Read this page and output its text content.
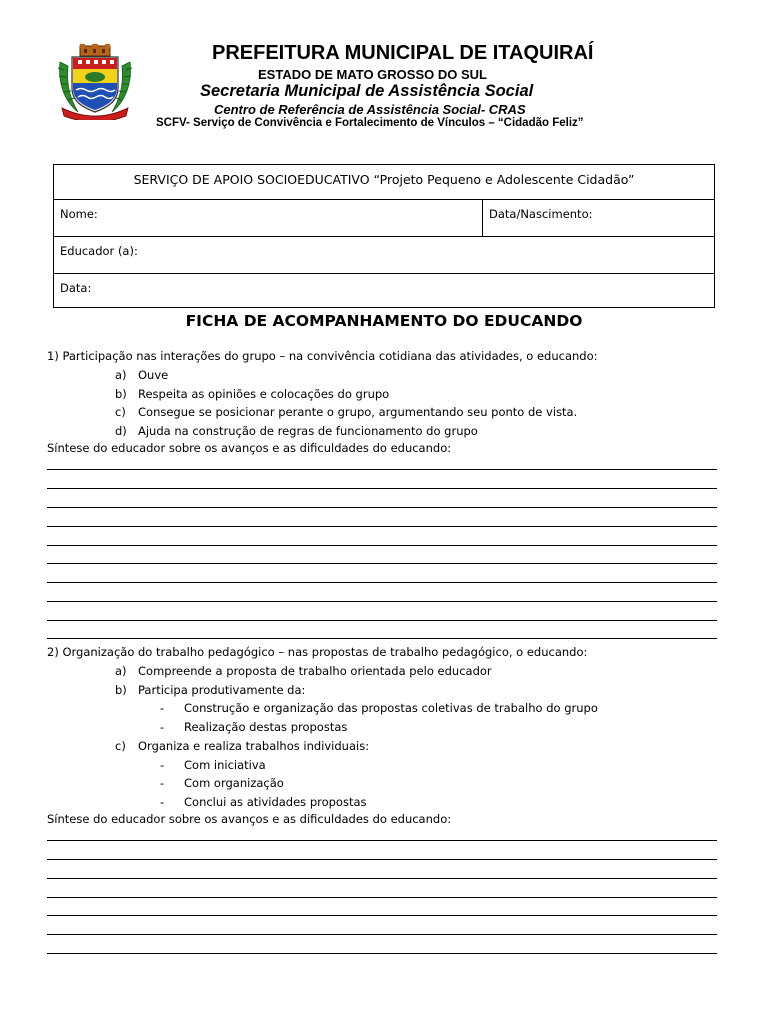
PREFEITURA MUNICIPAL DE ITAQUIRAÍ
ESTADO DE MATO GROSSO DO SUL
Secretaria Municipal de Assistência Social
Centro de Referência de Assistência Social- CRAS
SCFV- Serviço de Convivência e Fortalecimento de Vínculos – “Cidadão Feliz”
SERVIÇO DE APOIO SOCIOEDUCATIVO “Projeto Pequeno e Adolescente Cidadão”
Nome:	Data/Nascimento:
Educador (a):
Data:
FICHA DE ACOMPANHAMENTO DO EDUCANDO
1) Participação nas interações do grupo – na convivência cotidiana das atividades, o educando:
a) Ouve
b) Respeita as opiniões e colocações do grupo
c) Consegue se posicionar perante o grupo, argumentando seu ponto de vista.
d) Ajuda na construção de regras de funcionamento do grupo
Síntese do educador sobre os avanços e as dificuldades do educando:
2) Organização do trabalho pedagógico – nas propostas de trabalho pedagógico, o educando:
a) Compreende a proposta de trabalho orientada pelo educador
b) Participa produtivamente da:
- Construção e organização das propostas coletivas de trabalho do grupo
- Realização destas propostas
c) Organiza e realiza trabalhos individuais:
- Com iniciativa
- Com organização
- Conclui as atividades propostas
Síntese do educador sobre os avanços e as dificuldades do educando:
